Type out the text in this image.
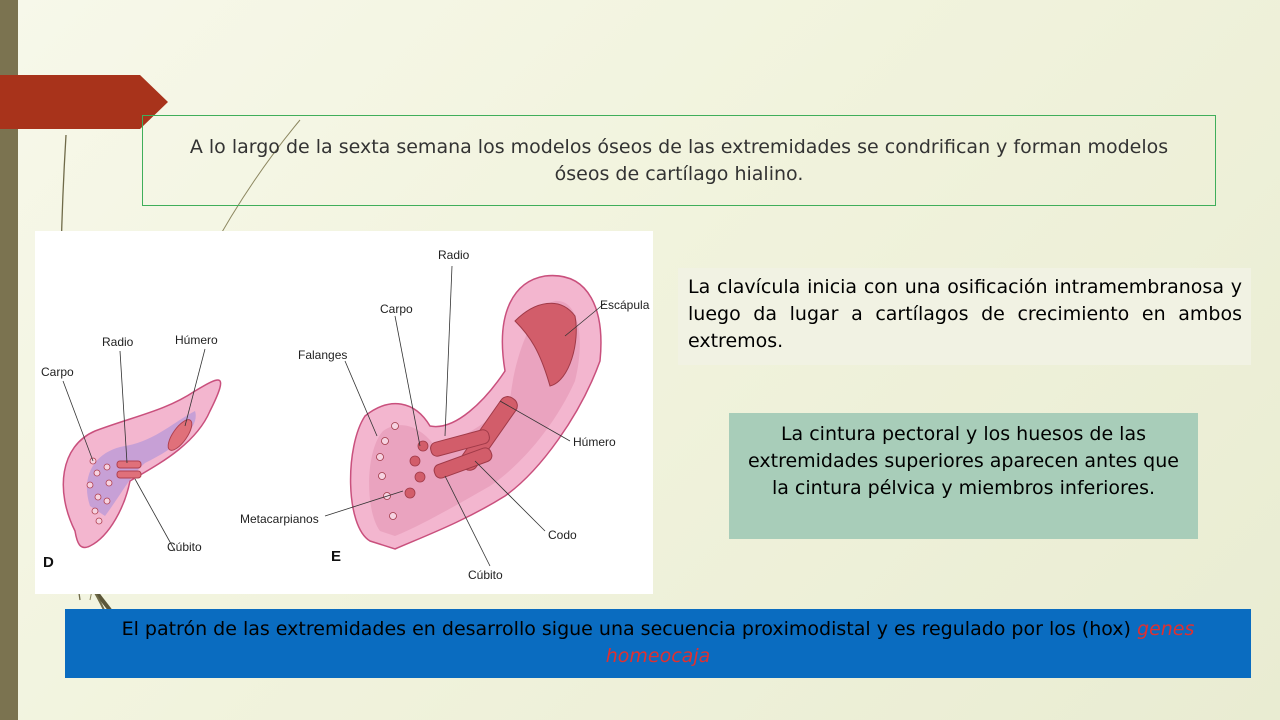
A lo largo de la sexta semana los modelos óseos de las extremidades se condrifican y forman modelos óseos de cartílago hialino.
Carpo
Radio	Húmero
Cúbito
D
Radio
Carpo	Escápula
Falanges
Húmero
Metacarpianos
Codo
Cúbito
E
La clavícula inicia con una osificación intramembranosa y luego da lugar a cartílagos de crecimiento en ambos extremos.
La cintura pectoral y los huesos de las extremidades superiores aparecen antes que la cintura pélvica y miembros inferiores.
El patrón de las extremidades en desarrollo sigue una secuencia proximodistal y es regulado por los (hox) genes homeocaja
